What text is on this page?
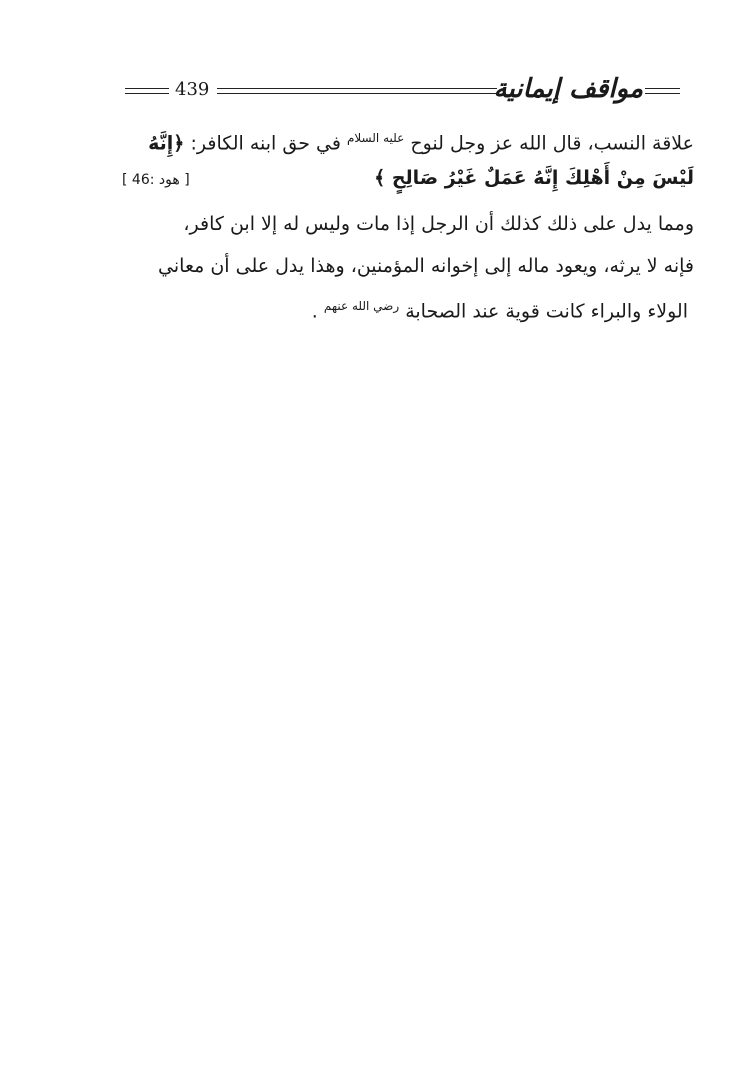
439	مواقف إيمانية
علاقة النسب، قال الله عز وجل لنوح $^{عليه السلام}$ في حق ابنه الكافر: ﴿إِنَّهُ
لَيْسَ مِنْ أَهْلِكَ إِنَّهُ عَمَلٌ غَيْرُ صَالِحٍ ﴾
[ هود :46 ]
ومما يدل على ذلك كذلك أن الرجل إذا مات وليس له إلا ابن كافر،
فإنه لا يرثه، ويعود ماله إلى إخوانه المؤمنين، وهذا يدل على أن معاني
الولاء والبراء كانت قوية عند الصحابة $^{رضي الله عنهم}$ .
